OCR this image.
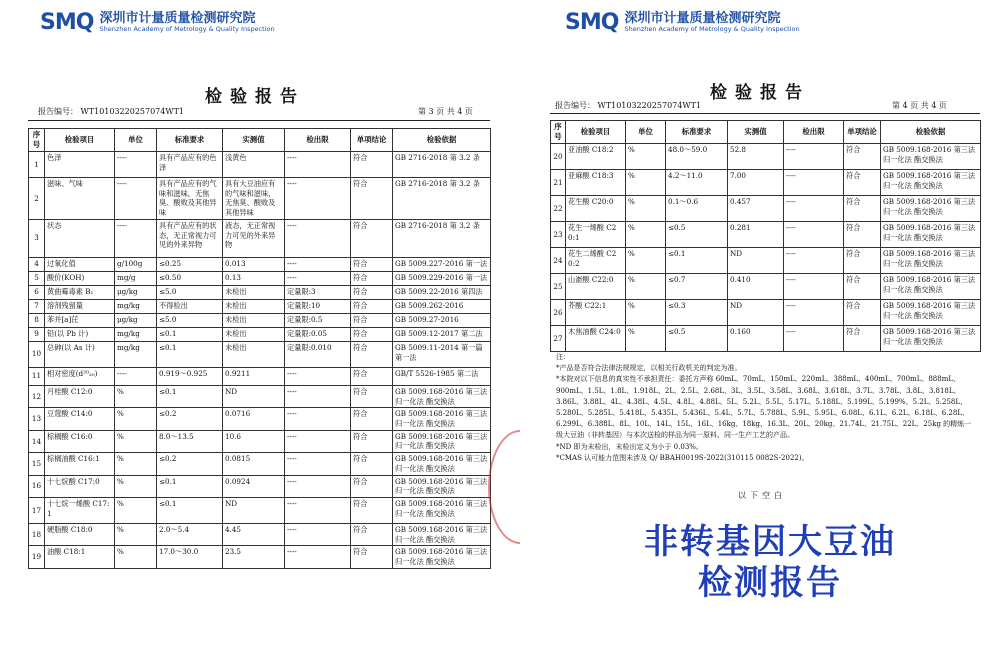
SMQ 深圳市计量质量检测研究院
Shenzhen Academy of Metrology & Quality Inspection
检验报告
报告编号： WT10103220257074WT1	第 3 页 共 4 页
序号	检验项目	单位	标准要求	实测值	检出限	单项结论	检验依据
1	色泽	----	具有产品应有的色泽	浅黄色	----	符合	GB 2716-2018 第 3.2 条
2	滋味、气味	----	具有产品应有的气味和滋味，无焦臭、酸败及其他异味	具有大豆油应有的气味和滋味，无焦臭、酸败及其他异味	----	符合	GB 2716-2018 第 3.2 条
3	状态	----	具有产品应有的状态，无正常视力可见的外来异物	液态，无正常视力可见的外来异物	----	符合	GB 2716-2018 第 3.2 条
4	过氧化值	g/100g	≤0.25	0.013	----	符合	GB 5009.227-2016 第一法
5	酸价(KOH)	mg/g	≤0.50	0.13	----	符合	GB 5009.229-2016 第一法
6	黄曲霉毒素 B₁	μg/kg	≤5.0	未检出	定量限:3	符合	GB 5009.22-2016 第四法
7	溶剂残留量	mg/kg	不得检出	未检出	定量限:10	符合	GB 5009.262-2016
8	苯并[a]芘	μg/kg	≤5.0	未检出	定量限:0.5	符合	GB 5009.27-2016
9	铅(以 Pb 计)	mg/kg	≤0.1	未检出	定量限:0.05	符合	GB 5009.12-2017 第二法
10	总砷(以 As 计)	mg/kg	≤0.1	未检出	定量限:0.010	符合	GB 5009.11-2014 第一篇 第一法
11	相对密度(d²⁰₂₀)	----	0.919～0.925	0.9211	----	符合	GB/T 5526-1985 第二法
12	月桂酸 C12:0	%	≤0.1	ND	----	符合	GB 5009.168-2016 第三法 归一化法 酯交换法
13	豆蔻酸 C14:0	%	≤0.2	0.0716	----	符合	GB 5009.168-2016 第三法 归一化法 酯交换法
14	棕榈酸 C16:0	%	8.0～13.5	10.6	----	符合	GB 5009.168-2016 第三法 归一化法 酯交换法
15	棕榈油酸 C16:1	%	≤0.2	0.0815	----	符合	GB 5009.168-2016 第三法 归一化法 酯交换法
16	十七烷酸 C17:0	%	≤0.1	0.0924	----	符合	GB 5009.168-2016 第三法 归一化法 酯交换法
17	十七烷一烯酸 C17:1	%	≤0.1	ND	----	符合	GB 5009.168-2016 第三法 归一化法 酯交换法
18	硬脂酸 C18:0	%	2.0～5.4	4.45	----	符合	GB 5009.168-2016 第三法 归一化法 酯交换法
19	油酸 C18:1	%	17.0～30.0	23.5	----	符合	GB 5009.168-2016 第三法 归一化法 酯交换法
SMQ 深圳市计量质量检测研究院
Shenzhen Academy of Metrology & Quality Inspection
检验报告
报告编号： WT10103220257074WT1	第 4 页 共 4 页
序号	检验项目	单位	标准要求	实测值	检出限	单项结论	检验依据
20	亚油酸 C18:2	%	48.0～59.0	52.8	----	符合	GB 5009.168-2016 第三法 归一化法 酯交换法
21	亚麻酸 C18:3	%	4.2～11.0	7.00	----	符合	GB 5009.168-2016 第三法 归一化法 酯交换法
22	花生酸 C20:0	%	0.1～0.6	0.457	----	符合	GB 5009.168-2016 第三法 归一化法 酯交换法
23	花生一烯酸 C20:1	%	≤0.5	0.281	----	符合	GB 5009.168-2016 第三法 归一化法 酯交换法
24	花生二烯酸 C20:2	%	≤0.1	ND	----	符合	GB 5009.168-2016 第三法 归一化法 酯交换法
25	山嵛酸 C22:0	%	≤0.7	0.410	----	符合	GB 5009.168-2016 第三法 归一化法 酯交换法
26	芥酸 C22:1	%	≤0.3	ND	----	符合	GB 5009.168-2016 第三法 归一化法 酯交换法
27	木焦油酸 C24:0	%	≤0.5	0.160	----	符合	GB 5009.168-2016 第三法 归一化法 酯交换法
注：
*产品是否符合法律法规规定，以相关行政机关的判定为准。
*本院对以下信息的真实性不承担责任：委托方声称 60mL、70mL、150mL、220mL、388mL、400mL、700mL、888mL、900mL、1.5L、1.8L、1.918L、2L、2.5L、2.68L、3L、3.5L、3.58L、3.68L、3.618L、3.7L、3.78L、3.8L、3.818L、3.86L、3.88L、4L、4.38L、4.5L、4.8L、4.88L、5L、5.2L、5.5L、5.17L、5.188L、5.199L、5.199%、5.2L、5.258L、5.280L、5.285L、5.418L、5.435L、5.436L、5.4L、5.7L、5.788L、5.9L、5.95L、6.08L、6.1L、6.2L、6.18L、6.28L、6.299L、6.388L、8L、10L、14L、15L、16L、16kg、18kg、16.3L、20L、20kg、21.74L、21.75L、22L、25kg 的精炼一级大豆油（非转基因）与本次送检的样品为同一原料、同一生产工艺的产品。
*ND 即为未检出，未检出定义为小于 0.03%。
*CMAS 认可能力范围未涉及 Q/ BBAH0019S-2022(310115 0082S-2022)。
以下空白
非转基因大豆油
检测报告
